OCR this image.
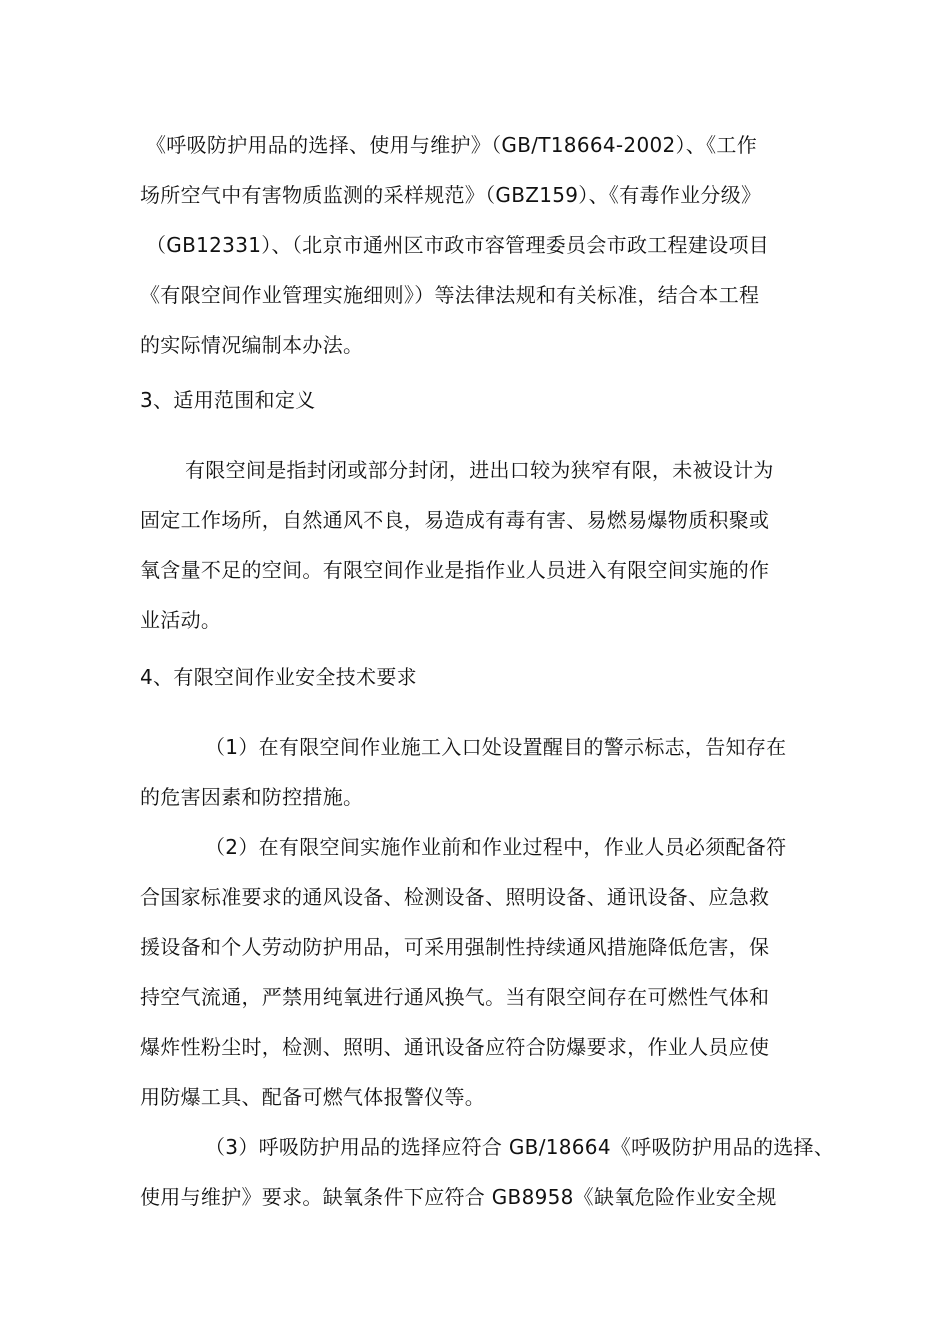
《呼吸防护用品的选择、使用与维护》（GB/T18664-2002）、《工作
场所空气中有害物质监测的采样规范》（GBZ159）、《有毒作业分级》
（GB12331）、（北京市通州区市政市容管理委员会市政工程建设项目
《有限空间作业管理实施细则》）等法律法规和有关标准，结合本工程
的实际情况编制本办法。
3、适用范围和定义
有限空间是指封闭或部分封闭，进出口较为狭窄有限，未被设计为
固定工作场所，自然通风不良，易造成有毒有害、易燃易爆物质积聚或
氧含量不足的空间。有限空间作业是指作业人员进入有限空间实施的作
业活动。
4、有限空间作业安全技术要求
（1）在有限空间作业施工入口处设置醒目的警示标志，告知存在
的危害因素和防控措施。
（2）在有限空间实施作业前和作业过程中，作业人员必须配备符
合国家标准要求的通风设备、检测设备、照明设备、通讯设备、应急救
援设备和个人劳动防护用品，可采用强制性持续通风措施降低危害，保
持空气流通，严禁用纯氧进行通风换气。当有限空间存在可燃性气体和
爆炸性粉尘时，检测、照明、通讯设备应符合防爆要求，作业人员应使
用防爆工具、配备可燃气体报警仪等。
（3）呼吸防护用品的选择应符合 GB/18664《呼吸防护用品的选择、
使用与维护》要求。缺氧条件下应符合 GB8958《缺氧危险作业安全规
